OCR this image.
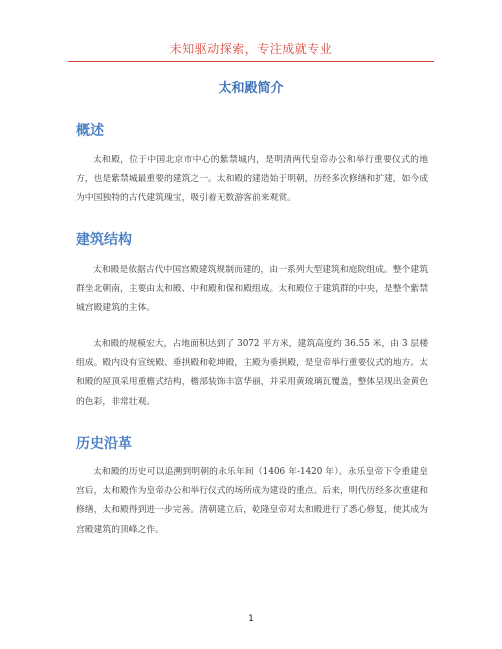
未知驱动探索，专注成就专业
太和殿简介
概述
太和殿，位于中国北京市中心的紫禁城内，是明清两代皇帝办公和举行重要仪式的地方，也是紫禁城最重要的建筑之一。太和殿的建造始于明朝，历经多次修缮和扩建，如今成为中国独特的古代建筑瑰宝，吸引着无数游客前来观赏。
建筑结构
太和殿是依据古代中国宫殿建筑规制而建的，由一系列大型建筑和庭院组成。整个建筑群坐北朝南，主要由太和殿、中和殿和保和殿组成。太和殿位于建筑群的中央，是整个紫禁城宫殿建筑的主体。
太和殿的规模宏大，占地面积达到了 3072 平方米，建筑高度约 36.55 米，由 3 层楼组成。殿内设有宣统殿、垂拱殿和乾坤殿，主殿为垂拱殿，是皇帝举行重要仪式的地方。太和殿的屋顶采用重檐式结构，檐部装饰丰富华丽，并采用黄琉璃瓦覆盖，整体呈现出金黄色的色彩，非常壮观。
历史沿革
太和殿的历史可以追溯到明朝的永乐年间（1406 年-1420 年）。永乐皇帝下令重建皇宫后，太和殿作为皇帝办公和举行仪式的场所成为建设的重点。后来，明代历经多次重建和修缮，太和殿得到进一步完善。清朝建立后，乾隆皇帝对太和殿进行了悉心修复，使其成为宫殿建筑的顶峰之作。
1
